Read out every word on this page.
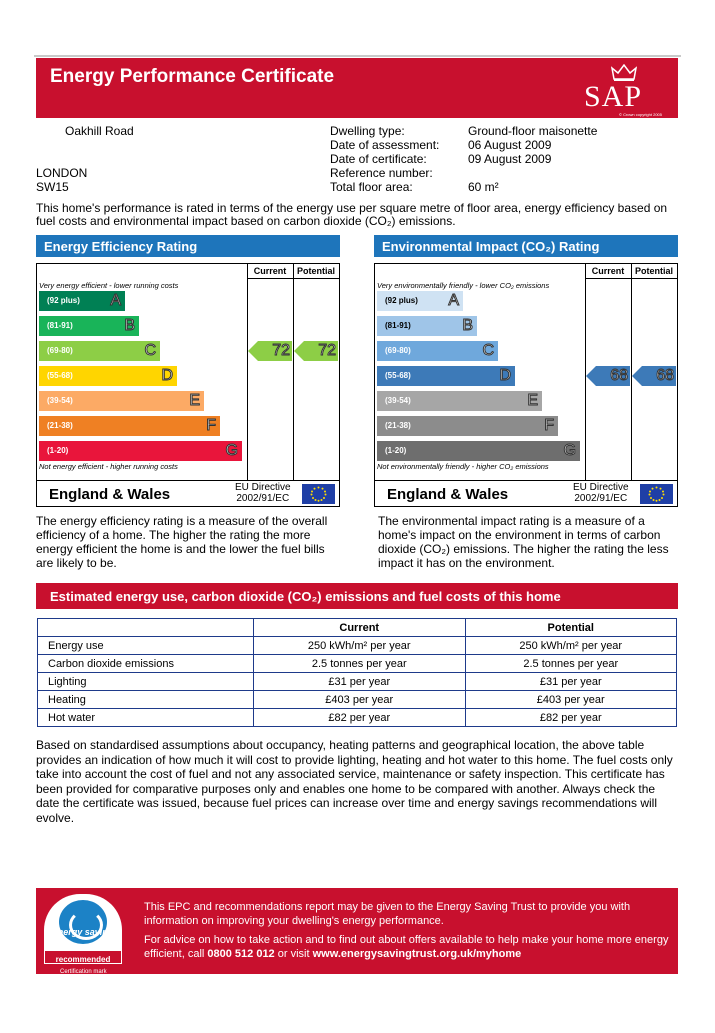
Energy Performance Certificate
SAP
© Crown copyright 2005
Oakhill Road
LONDON
SW15
Dwelling type:	Ground-floor maisonette
Date of assessment:	06 August 2009
Date of certificate:	09 August 2009
Reference number:
Total floor area:	60 m²
This home's performance is rated in terms of the energy use per square metre of floor area, energy efficiency based on fuel costs and environmental impact based on carbon dioxide (CO₂) emissions.
Energy Efficiency Rating
Current	Potential
Very energy efficient - lower running costs
(92 plus) A
(81-91)	B
(69-80)	C
(55-68)	D
(39-54)	E
(21-38)	F
(1-20)	G
Not energy efficient - higher running costs
72 72
England & Wales	EU Directive
2002/91/EC
Environmental Impact (CO₂) Rating
Current	Potential
Very environmentally friendly - lower CO₂ emissions
(92 plus) A
(81-91)	B
(69-80)	C
(55-68)	D
(39-54)	E
(21-38)	F
(1-20)	G
Not environmentally friendly - higher CO₂ emissions
68 68
England & Wales	EU Directive
2002/91/EC
The energy efficiency rating is a measure of the overall efficiency of a home. The higher the rating the more energy efficient the home is and the lower the fuel bills are likely to be.
The environmental impact rating is a measure of a home's impact on the environment in terms of carbon dioxide (CO₂) emissions. The higher the rating the less impact it has on the environment.
Estimated energy use, carbon dioxide (CO₂) emissions and fuel costs of this home
	Current	Potential
Energy use	250 kWh/m² per year	250 kWh/m² per year
Carbon dioxide emissions	2.5 tonnes per year	2.5 tonnes per year
Lighting	£31 per year	£31 per year
Heating	£403 per year	£403 per year
Hot water	£82 per year	£82 per year
Based on standardised assumptions about occupancy, heating patterns and geographical location, the above table provides an indication of how much it will cost to provide lighting, heating and hot water to this home. The fuel costs only take into account the cost of fuel and not any associated service, maintenance or safety inspection. This certificate has been provided for comparative purposes only and enables one home to be compared with another. Always check the date the certificate was issued, because fuel prices can increase over time and energy savings recommendations will evolve.
energy saving
recommended
Certification mark
This EPC and recommendations report may be given to the Energy Saving Trust to provide you with information on improving your dwelling's energy performance.
For advice on how to take action and to find out about offers available to help make your home more energy efficient, call 0800 512 012 or visit www.energysavingtrust.org.uk/myhome
